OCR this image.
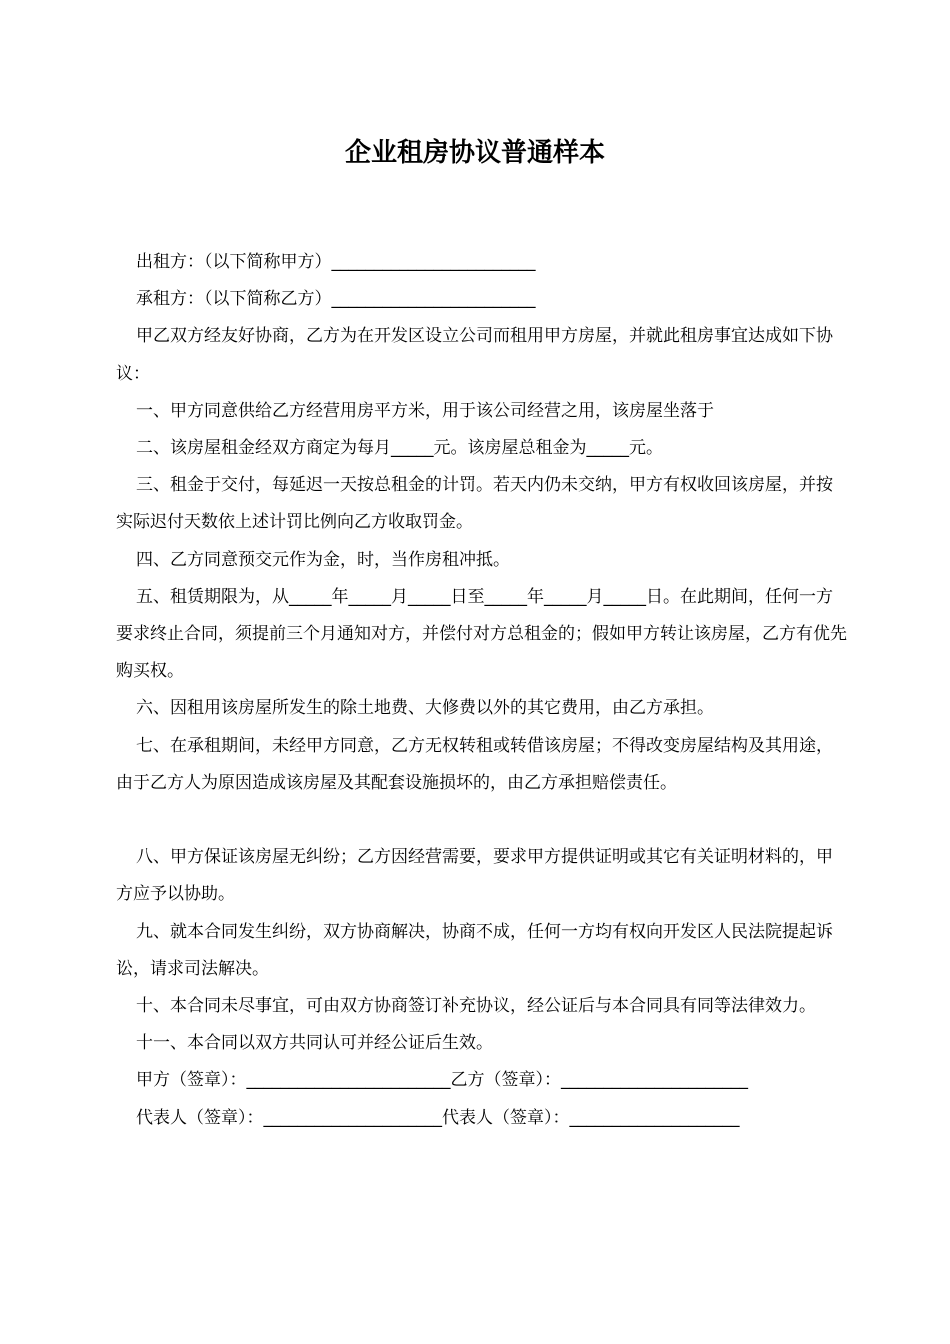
企业租房协议普通样本

出租方：（以下简称甲方）________________________

承租方：（以下简称乙方）________________________

甲乙双方经友好协商，乙方为在开发区设立公司而租用甲方房屋，并就此租房事宜达成如下协议：

一、甲方同意供给乙方经营用房平方米，用于该公司经营之用，该房屋坐落于

二、该房屋租金经双方商定为每月_____元。该房屋总租金为_____元。

三、租金于交付，每延迟一天按总租金的计罚。若天内仍未交纳，甲方有权收回该房屋，并按实际迟付天数依上述计罚比例向乙方收取罚金。

四、乙方同意预交元作为金，时，当作房租冲抵。

五、租赁期限为，从_____年_____月_____日至_____年_____月_____日。在此期间，任何一方要求终止合同，须提前三个月通知对方，并偿付对方总租金的；假如甲方转让该房屋，乙方有优先购买权。

六、因租用该房屋所发生的除土地费、大修费以外的其它费用，由乙方承担。

七、在承租期间，未经甲方同意，乙方无权转租或转借该房屋；不得改变房屋结构及其用途，由于乙方人为原因造成该房屋及其配套设施损坏的，由乙方承担赔偿责任。

八、甲方保证该房屋无纠纷；乙方因经营需要，要求甲方提供证明或其它有关证明材料的，甲方应予以协助。

九、就本合同发生纠纷，双方协商解决，协商不成，任何一方均有权向开发区人民法院提起诉讼，请求司法解决。

十、本合同未尽事宜，可由双方协商签订补充协议，经公证后与本合同具有同等法律效力。

十一、本合同以双方共同认可并经公证后生效。

甲方（签章）：________________________乙方（签章）：______________________

代表人（签章）：_____________________代表人（签章）：____________________
